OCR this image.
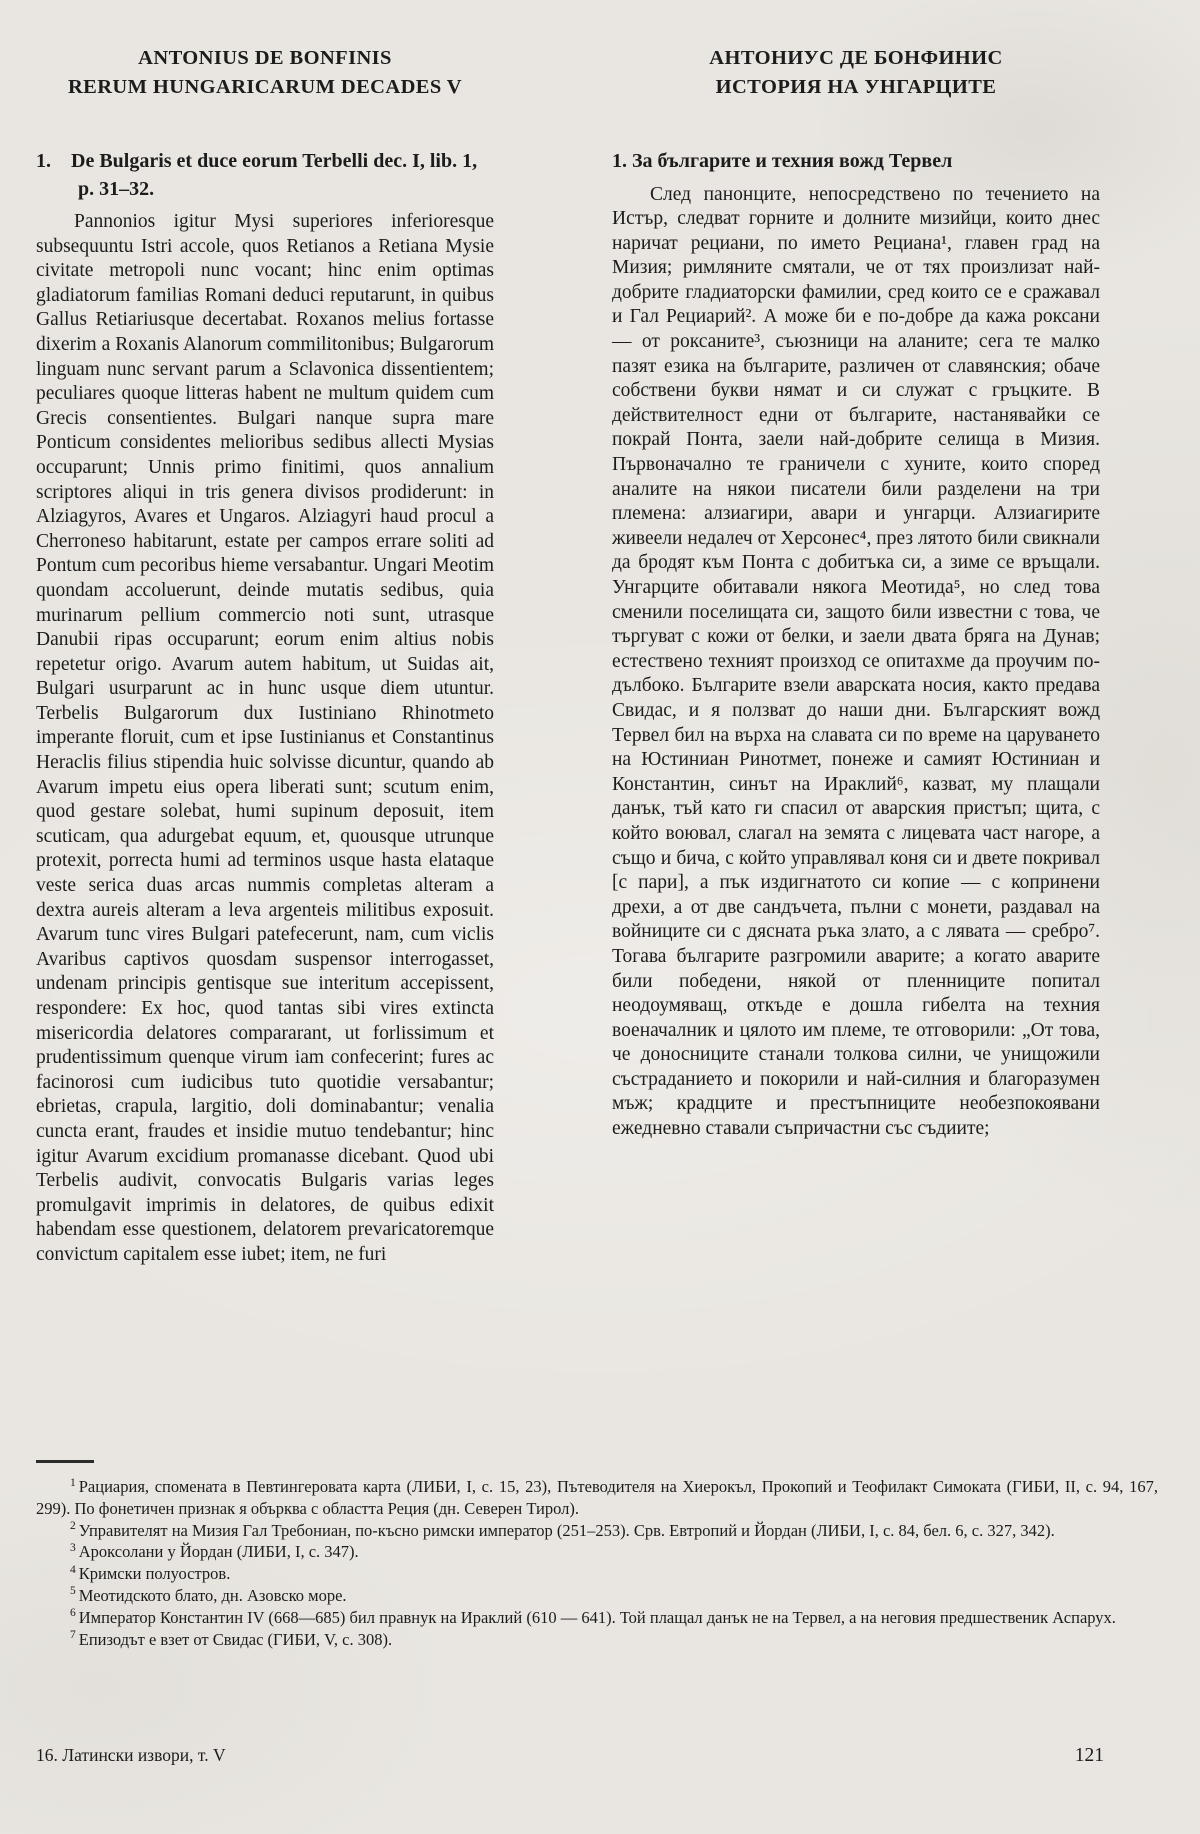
ANTONIUS DE BONFINIS
RERUM HUNGARICARUM DECADES V

1. De Bulgaris et duce eorum Terbelli dec. I, lib. 1, p. 31–32.

Pannonios igitur Mysi superiores inferioresque subsequuntu Istri accole, quos Retianos a Retiana Mysie civitate metropoli nunc vocant; hinc enim optimas gladiatorum familias Romani deduci reputarunt, in quibus Gallus Retiariusque decertabat. Roxanos melius fortasse dixerim a Roxanis Alanorum commilitonibus; Bulgarorum linguam nunc servant parum a Sclavonica dissentientem; peculiares quoque litteras habent ne multum quidem cum Grecis consentientes. Bulgari nanque supra mare Ponticum considentes melioribus sedibus allecti Mysias occuparunt; Unnis primo finitimi, quos annalium scriptores aliqui in tris genera divisos prodiderunt: in Alziagyros, Avares et Ungaros. Alziagyri haud procul a Cherroneso habitarunt, estate per campos errare soliti ad Pontum cum pecoribus hieme versabantur. Ungari Meotim quondam accoluerunt, deinde mutatis sedibus, quia murinarum pellium commercio noti sunt, utrasque Danubii ripas occuparunt; eorum enim altius nobis repetetur origo. Avarum autem habitum, ut Suidas ait, Bulgari usurparunt ac in hunc usque diem utuntur. Terbelis Bulgarorum dux Iustiniano Rhinotmeto imperante floruit, cum et ipse Iustinianus et Constantinus Heraclis filius stipendia huic solvisse dicuntur, quando ab Avarum impetu eius opera liberati sunt; scutum enim, quod gestare solebat, humi supinum deposuit, item scuticam, qua adurgebat equum, et, quousque utrunque protexit, porrecta humi ad terminos usque hasta elataque veste serica duas arcas nummis completas alteram a dextra aureis alteram a leva argenteis militibus exposuit. Avarum tunc vires Bulgari patefecerunt, nam, cum viclis Avaribus captivos quosdam suspensor interrogasset, undenam principis gentisque sue interitum accepissent, respondere: Ex hoc, quod tantas sibi vires extincta misericordia delatores compararant, ut forlissimum et prudentissimum quenque virum iam confecerint; fures ac facinorosi cum iudicibus tuto quotidie versabantur; ebrietas, crapula, largitio, doli dominabantur; venalia cuncta erant, fraudes et insidie mutuo tendebantur; hinc igitur Avarum excidium promanasse dicebant. Quod ubi Terbelis audivit, convocatis Bulgaris varias leges promulgavit imprimis in delatores, de quibus edixit habendam esse questionem, delatorem prevaricatoremque convictum capitalem esse iubet; item, ne furi

АНТОНИУС ДЕ БОНФИНИС
ИСТОРИЯ НА УНГАРЦИТЕ

1. За българите и техния вожд Тервел

След панонците, непосредствено по течението на Истър, следват горните и долните мизийци, които днес наричат рециани, по името Рециана¹, главен град на Мизия; римляните смятали, че от тях произлизат най-добрите гладиаторски фамилии, сред които се е сражавал и Гал Рециарий². А може би е по-добре да кажа роксани — от роксаните³, съюзници на аланите; сега те малко пазят езика на българите, различен от славянския; обаче собствени букви нямат и си служат с гръцките. В действителност едни от българите, настанявайки се покрай Понта, заели най-добрите селища в Мизия. Първоначално те граничели с хуните, които според аналите на някои писатели били разделени на три племена: алзиагири, авари и унгарци. Алзиагирите живеели недалеч от Херсонес⁴, през лятото били свикнали да бродят към Понта с добитъка си, а зиме се връщали. Унгарците обитавали някога Меотида⁵, но след това сменили поселищата си, защото били известни с това, че търгуват с кожи от белки, и заели двата бряга на Дунав; естествено техният произход се опитахме да проучим по-дълбоко. Българите взели аварската носия, както предава Свидас, и я ползват до наши дни. Българският вожд Тервел бил на върха на славата си по време на царуването на Юстиниан Ринотмет, понеже и самият Юстиниан и Константин, синът на Ираклий⁶, казват, му плащали данък, тъй като ги спасил от аварския пристъп; щита, с който воювал, слагал на земята с лицевата част нагоре, а също и бича, с който управлявал коня си и двете покривал [с пари], а пък издигнатото си копие — с копринени дрехи, а от две сандъчета, пълни с монети, раздавал на войниците си с дясната ръка злато, а с лявата — сребро⁷. Тогава българите разгромили аварите; а когато аварите били победени, някой от пленниците попитал неодоумяващ, откъде е дошла гибелта на техния военачалник и цялото им племе, те отговорили: „От това, че доносниците станали толкова силни, че унищожили състраданието и покорили и най-силния и благоразумен мъж; крадците и престъпниците необезпокоявани ежедневно ставали съпричастни със съдиите;

$^1$ Рациария, спомената в Певтингеровата карта (ЛИБИ, I, с. 15, 23), Пътеводителя на Хиерокъл, Прокопий и Теофилакт Симоката (ГИБИ, II, с. 94, 167, 299). По фонетичен признак я обърква с областта Реция (дн. Северен Тирол).

$^2$ Управителят на Мизия Гал Требониан, по-късно римски император (251–253). Срв. Евтропий и Йордан (ЛИБИ, I, с. 84, бел. 6, с. 327, 342).

$^3$ Ароксолани у Йордан (ЛИБИ, I, с. 347).

$^4$ Кримски полуостров.

$^5$ Меотидското блато, дн. Азовско море.

$^6$ Император Константин IV (668—685) бил правнук на Ираклий (610 — 641). Той плащал данък не на Тервел, а на неговия предшественик Аспарух.

$^7$ Епизодът е взет от Свидас (ГИБИ, V, с. 308).

16. Латински извори, т. V	121
